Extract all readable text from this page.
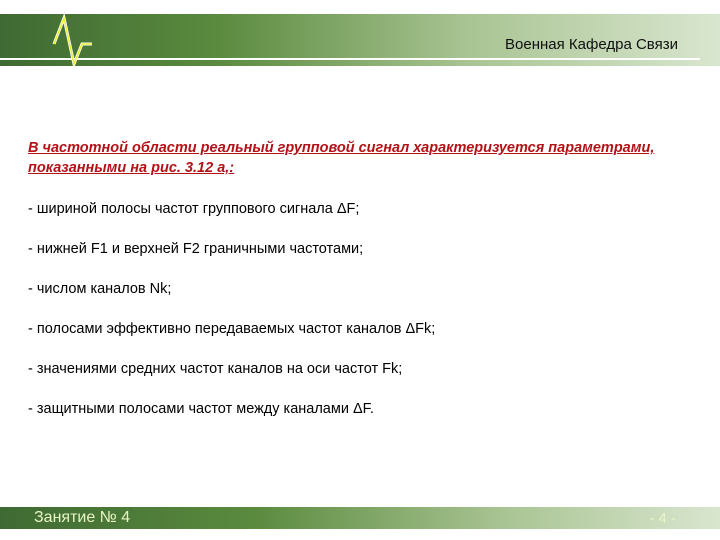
Военная Кафедра Связи

В частотной области реальный групповой сигнал характеризуется параметрами, показанными на рис. 3.12 а,:

- шириной полосы частот группового сигнала ΔF;
- нижней F1 и верхней F2 граничными частотами;
- числом каналов Nk;
- полосами эффективно передаваемых частот каналов ΔFk;
- значениями средних частот каналов на оси частот Fk;
- защитными полосами частот между каналами ΔF.
Занятие № 4	- 4 -
